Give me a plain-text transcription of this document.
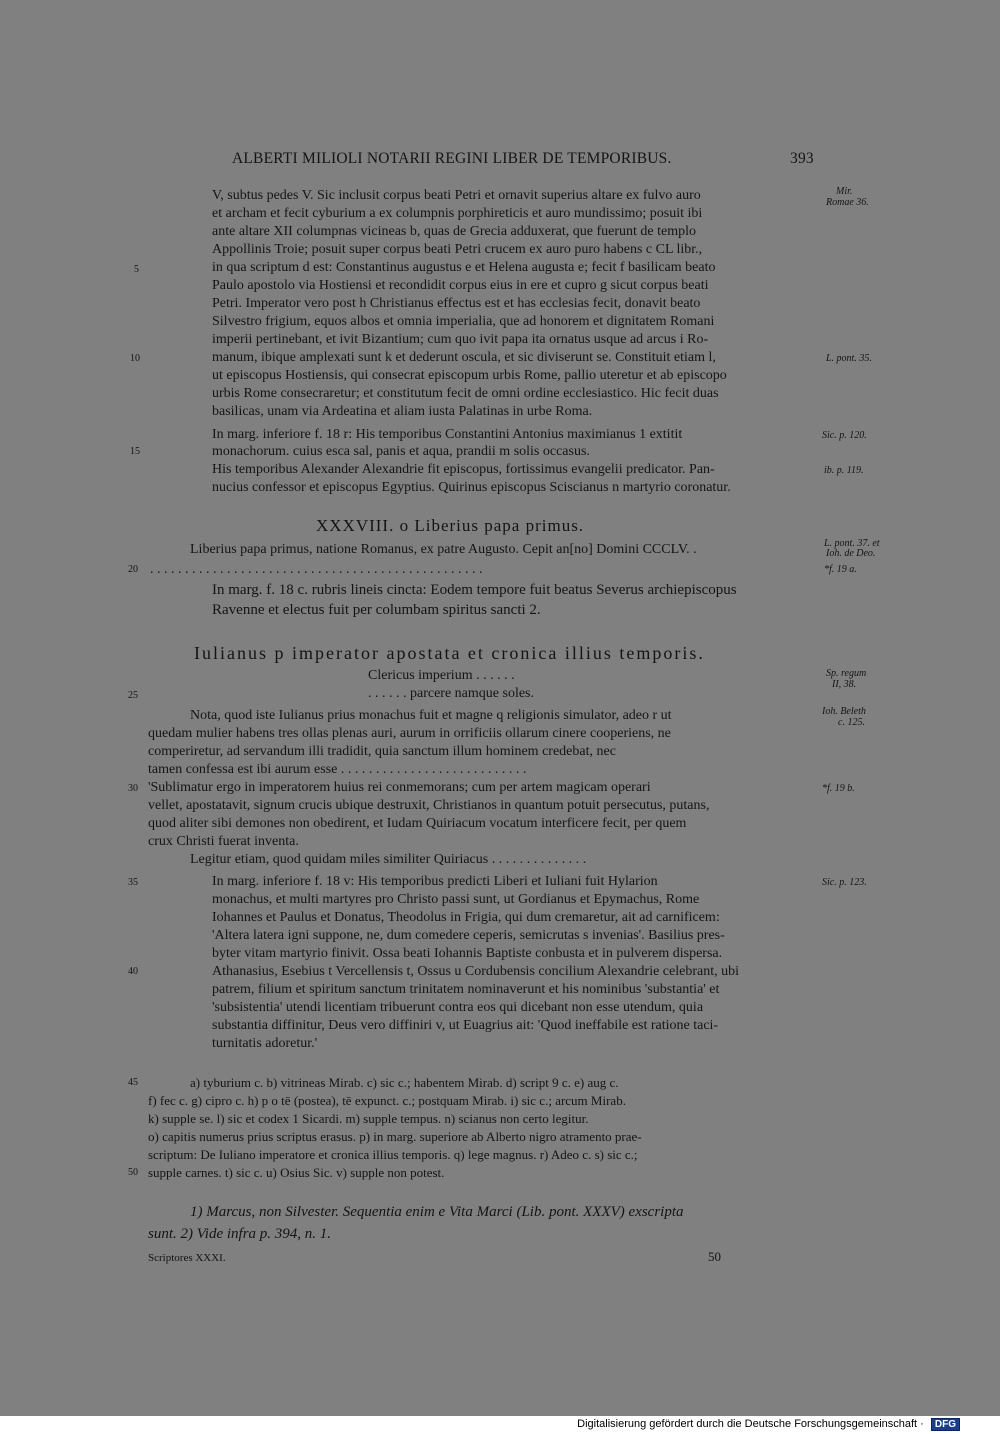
ALBERTI MILIOLI NOTARII REGINI LIBER DE TEMPORIBUS.	393
V, subtus pedes V. Sic inclusit corpus beati Petri et ornavit superius altare ex fulvo auro
et archam et fecit cyburium a ex columpnis porphireticis et auro mundissimo; posuit ibi
ante altare XII columpnas vicineas b, quas de Grecia adduxerat, que fuerunt de templo
Appollinis Troie; posuit super corpus beati Petri crucem ex auro puro habens c CL libr.,
in qua scriptum d est: Constantinus augustus e et Helena augusta e; fecit f basilicam beato
Paulo apostolo via Hostiensi et recondidit corpus eius in ere et cupro g sicut corpus beati
Petri. Imperator vero post h Christianus effectus est et has ecclesias fecit, donavit beato
Silvestro frigium, equos albos et omnia imperialia, que ad honorem et dignitatem Romani
imperii pertinebant, et ivit Bizantium; cum quo ivit papa ita ornatus usque ad arcus i Ro-
manum, ibique amplexati sunt k et dederunt oscula, et sic diviserunt se. Constituit etiam l,
ut episcopus Hostiensis, qui consecrat episcopum urbis Rome, pallio uteretur et ab episcopo
urbis Rome consecraretur; et constitutum fecit de omni ordine ecclesiastico. Hic fecit duas
basilicas, unam via Ardeatina et aliam iusta Palatinas in urbe Roma.
In marg. inferiore f. 18 r: His temporibus Constantini Antonius maximianus 1 extitit
monachorum. cuius esca sal, panis et aqua, prandii m solis occasus.
His temporibus Alexander Alexandrie fit episcopus, fortissimus evangelii predicator. Pan-
nucius confessor et episcopus Egyptius. Quirinus episcopus Sciscianus n martyrio coronatur.
XXXVIII. o Liberius papa primus.
Liberius papa primus, natione Romanus, ex patre Augusto. Cepit an[no] Domini CCCLV. .
. . . . . . . . . . . . . . . . . . . . . . . . . . . . . . . . . . . . . . . . . . . . . . . .
In marg. f. 18 c. rubris lineis cincta: Eodem tempore fuit beatus Severus archiepiscopus
Ravenne et electus fuit per columbam spiritus sancti 2.
Iulianus p imperator apostata et cronica illius temporis.
Clericus imperium . . . . . .
. . . . . . parcere namque soles.
Nota, quod iste Iulianus prius monachus fuit et magne q religionis simulator, adeo r ut
quedam mulier habens tres ollas plenas auri, aurum in orrificiis ollarum cinere cooperiens, ne
comperiretur, ad servandum illi tradidit, quia sanctum illum hominem credebat, nec
tamen confessa est ibi aurum esse . . . . . . . . . . . . . . . . . . . . . . . . . . .
'Sublimatur ergo in imperatorem huius rei conmemorans; cum per artem magicam operari
vellet, apostatavit, signum crucis ubique destruxit, Christianos in quantum potuit persecutus, putans,
quod aliter sibi demones non obedirent, et Iudam Quiriacum vocatum interficere fecit, per quem
crux Christi fuerat inventa.
Legitur etiam, quod quidam miles similiter Quiriacus . . . . . . . . . . . . . .
In marg. inferiore f. 18 v: His temporibus predicti Liberi et Iuliani fuit Hylarion
monachus, et multi martyres pro Christo passi sunt, ut Gordianus et Epymachus, Rome
Iohannes et Paulus et Donatus, Theodolus in Frigia, qui dum cremaretur, ait ad carnificem:
'Altera latera igni suppone, ne, dum comedere ceperis, semicrutas s invenias'. Basilius pres-
byter vitam martyrio finivit. Ossa beati Iohannis Baptiste conbusta et in pulverem dispersa.
Athanasius, Esebius t Vercellensis t, Ossus u Cordubensis concilium Alexandrie celebrant, ubi
patrem, filium et spiritum sanctum trinitatem nominaverunt et his nominibus 'substantia' et
'subsistentia' utendi licentiam tribuerunt contra eos qui dicebant non esse utendum, quia
substantia diffinitur, Deus vero diffiniri v, ut Euagrius ait: 'Quod ineffabile est ratione taci-
turnitatis adoretur.'
a) tyburium c. b) vitrineas Mirab. c) sic c.; habentem Mirab. d) script 9 c. e) aug c.
f) fec c. g) cipro c. h) p o tē (postea), tē expunct. c.; postquam Mirab. i) sic c.; arcum Mirab.
k) supple se. l) sic et codex 1 Sicardi. m) supple tempus. n) scianus non certo legitur.
o) capitis numerus prius scriptus erasus. p) in marg. superiore ab Alberto nigro atramento prae-
scriptum: De Iuliano imperatore et cronica illius temporis. q) lege magnus. r) Adeo c. s) sic c.;
supple carnes. t) sic c. u) Osius Sic. v) supple non potest.
1) Marcus, non Silvester. Sequentia enim e Vita Marci (Lib. pont. XXXV) exscripta
sunt. 2) Vide infra p. 394, n. 1.
Scriptores XXXI.	50
5
10
15
20
25
30
35
40
45
50
Mir.
Romae 36.
L. pont. 35.
Sic. p. 120.
ib. p. 119.
L. pont. 37. et
Ioh. de Deo.
*f. 19 a.
Sp. regum
II, 38.
Ioh. Beleth
c. 125.
*f. 19 b.
Sic. p. 123.
Digitalisierung gefördert durch die Deutsche Forschungsgemeinschaft · DFG
